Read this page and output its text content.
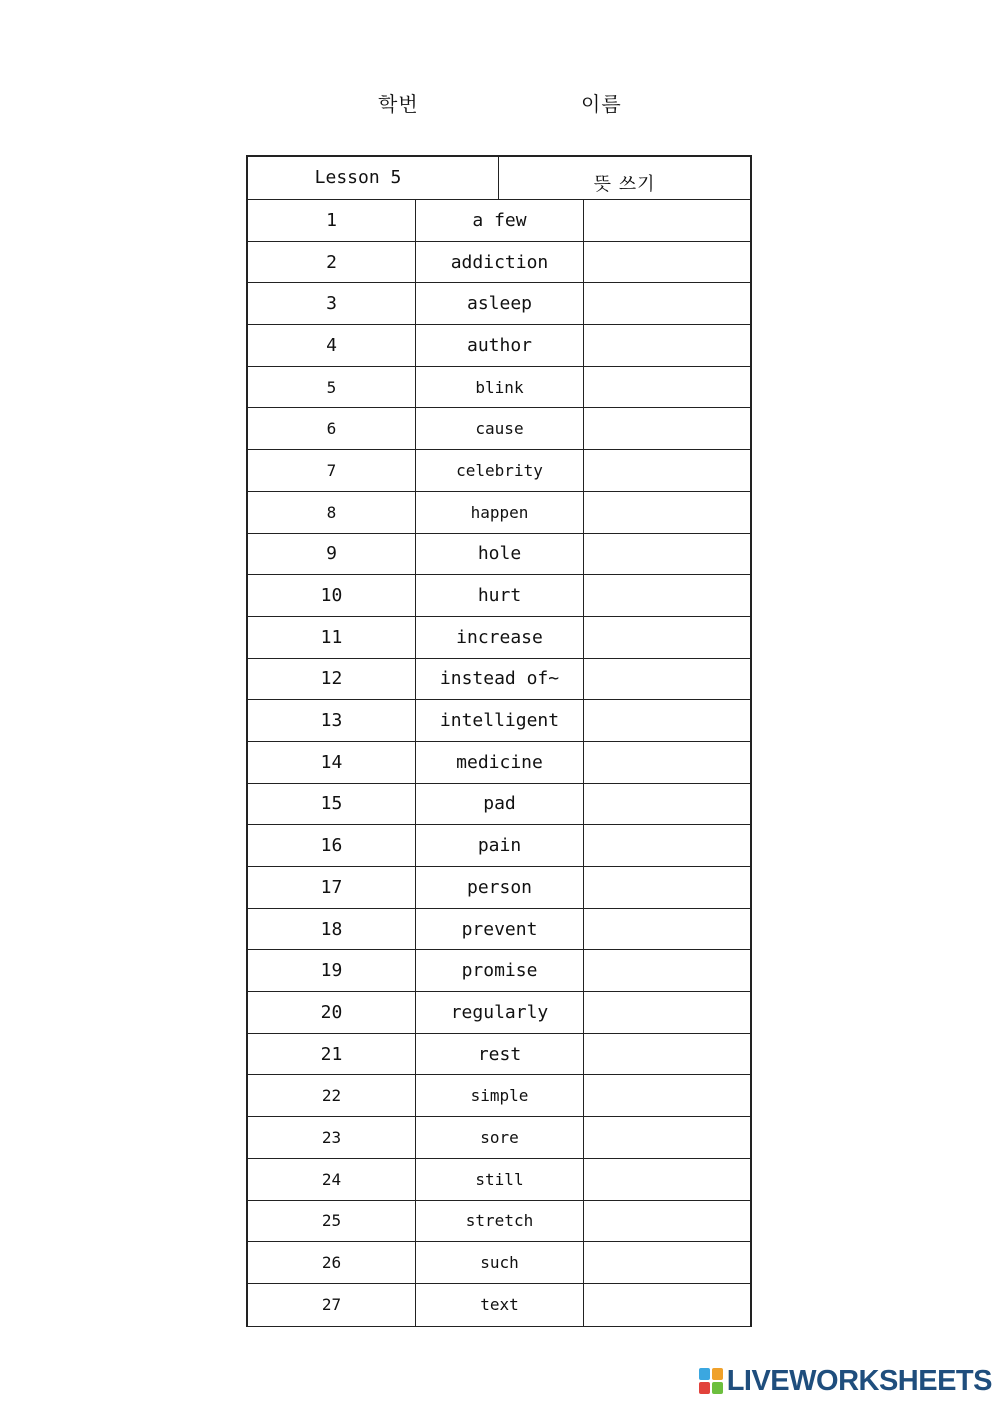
학번	이름
Lesson 5	뜻 쓰기
1	a few
2	addiction
3	asleep
4	author
5	blink
6	cause
7	celebrity
8	happen
9	hole
10	hurt
11	increase
12	instead of~
13	intelligent
14	medicine
15	pad
16	pain
17	person
18	prevent
19	promise
20	regularly
21	rest
22	simple
23	sore
24	still
25	stretch
26	such
27	text
LIVEWORKSHEETS
